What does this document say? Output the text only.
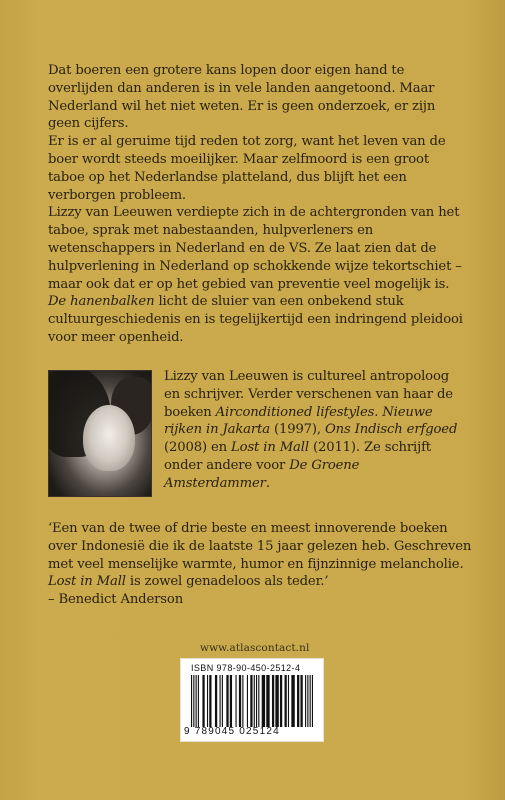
Dat boeren een grotere kans lopen door eigen hand te overlijden dan anderen is in vele landen aangetoond. Maar Nederland wil het niet weten. Er is geen onderzoek, er zijn geen cijfers.

Er is er al geruime tijd reden tot zorg, want het leven van de boer wordt steeds moeilijker. Maar zelfmoord is een groot taboe op het Nederlandse platteland, dus blijft het een verborgen probleem.

Lizzy van Leeuwen verdiepte zich in de achtergronden van het taboe, sprak met nabestaanden, hulpverleners en wetenschappers in Nederland en de VS. Ze laat zien dat de hulpverlening in Nederland op schokkende wijze tekortschiet – maar ook dat er op het gebied van preventie veel mogelijk is.

De hanenbalken licht de sluier van een onbekend stuk cultuurgeschiedenis en is tegelijkertijd een indringend pleidooi voor meer openheid.

Lizzy van Leeuwen is cultureel antropoloog en schrijver. Verder verschenen van haar de boeken Airconditioned lifestyles. Nieuwe rijken in Jakarta (1997), Ons Indisch erfgoed (2008) en Lost in Mall (2011). Ze schrijft onder andere voor De Groene Amsterdammer.

‘Een van de twee of drie beste en meest innoverende boeken over Indonesië die ik de laatste 15 jaar gelezen heb. Geschreven met veel menselijke warmte, humor en fijnzinnige melancholie. Lost in Mall is zowel genadeloos als teder.’

– Benedict Anderson

www.atlascontact.nl
ISBN 978-90-450-2512-4
9 789045 025124
